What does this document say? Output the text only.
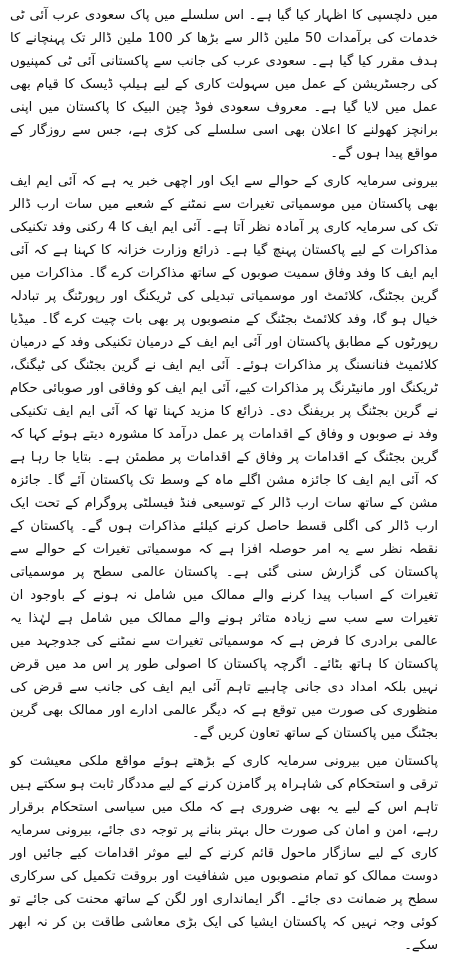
میں دلچسپی کا اظہار کیا گیا ہے۔ اس سلسلے میں پاک سعودی عرب آئی ٹی خدمات کی برآمدات 50 ملین ڈالر سے بڑھا کر 100 ملین ڈالر تک پہنچانے کا ہدف مقرر کیا گیا ہے۔ سعودی عرب کی جانب سے پاکستانی آئی ٹی کمپنیوں کی رجسٹریشن کے عمل میں سہولت کاری کے لیے ہیلپ ڈیسک کا قیام بھی عمل میں لایا گیا ہے۔ معروف سعودی فوڈ چین البیک کا پاکستان میں اپنی برانچز کھولنے کا اعلان بھی اسی سلسلے کی کڑی ہے، جس سے روزگار کے مواقع پیدا ہوں گے۔

بیرونی سرمایہ کاری کے حوالے سے ایک اور اچھی خبر یہ ہے کہ آئی ایم ایف بھی پاکستان میں موسمیاتی تغیرات سے نمٹنے کے شعبے میں سات ارب ڈالر تک کی سرمایہ کاری پر آمادہ نظر آتا ہے۔ آئی ایم ایف کا 4 رکنی وفد تکنیکی مذاکرات کے لیے پاکستان پہنچ گیا ہے۔ ذرائع وزارت خزانہ کا کہنا ہے کہ آئی ایم ایف کا وفد وفاق سمیت صوبوں کے ساتھ مذاکرات کرے گا۔ مذاکرات میں گرین بجٹنگ، کلائمٹ اور موسمیاتی تبدیلی کی ٹریکنگ اور رپورٹنگ پر تبادلہ خیال ہو گا، وفد کلائمٹ بجٹنگ کے منصوبوں پر بھی بات چیت کرے گا۔ میڈیا رپورٹوں کے مطابق پاکستان اور آئی ایم ایف کے درمیان تکنیکی وفد کے درمیان کلائمیٹ فنانسنگ پر مذاکرات ہوئے۔ آئی ایم ایف نے گرین بجٹنگ کی ٹیگنگ، ٹریکنگ اور مانیٹرنگ پر مذاکرات کیے، آئی ایم ایف کو وفاقی اور صوبائی حکام نے گرین بجٹنگ پر بریفنگ دی۔ ذرائع کا مزید کہنا تھا کہ آئی ایم ایف تکنیکی وفد نے صوبوں و وفاق کے اقدامات پر عمل درآمد کا مشورہ دیتے ہوئے کہا کہ گرین بجٹنگ کے اقدامات پر وفاق کے اقدامات پر مطمئن ہے۔ بتایا جا رہا ہے کہ آئی ایم ایف کا جائزہ مشن اگلے ماہ کے وسط تک پاکستان آئے گا۔ جائزہ مشن کے ساتھ سات ارب ڈالر کے توسیعی فنڈ فیسلٹی پروگرام کے تحت ایک ارب ڈالر کی اگلی قسط حاصل کرنے کیلئے مذاکرات ہوں گے۔ پاکستان کے نقطہ نظر سے یہ امر حوصلہ افزا ہے کہ موسمیاتی تغیرات کے حوالے سے پاکستان کی گزارش سنی گئی ہے۔ پاکستان عالمی سطح پر موسمیاتی تغیرات کے اسباب پیدا کرنے والے ممالک میں شامل نہ ہونے کے باوجود ان تغیرات سے سب سے زیادہ متاثر ہونے والے ممالک میں شامل ہے لہٰذا یہ عالمی برادری کا فرض ہے کہ موسمیاتی تغیرات سے نمٹنے کی جدوجہد میں پاکستان کا ہاتھ بٹائے۔ اگرچہ پاکستان کا اصولی طور پر اس مد میں قرض نہیں بلکہ امداد دی جانی چاہیے تاہم آئی ایم ایف کی جانب سے قرض کی منظوری کی صورت میں توقع ہے کہ دیگر عالمی ادارے اور ممالک بھی گرین بجٹنگ میں پاکستان کے ساتھ تعاون کریں گے۔

پاکستان میں بیرونی سرمایہ کاری کے بڑھتے ہوئے مواقع ملکی معیشت کو ترقی و استحکام کی شاہراہ پر گامزن کرنے کے لیے مددگار ثابت ہو سکتے ہیں تاہم اس کے لیے یہ بھی ضروری ہے کہ ملک میں سیاسی استحکام برقرار رہے، امن و امان کی صورت حال بہتر بنانے پر توجہ دی جائے، بیرونی سرمایہ کاری کے لیے سازگار ماحول قائم کرنے کے لیے موثر اقدامات کیے جائیں اور دوست ممالک کو تمام منصوبوں میں شفافیت اور بروقت تکمیل کی سرکاری سطح پر ضمانت دی جائے۔ اگر ایمانداری اور لگن کے ساتھ محنت کی جائے تو کوئی وجہ نہیں کہ پاکستان ایشیا کی ایک بڑی معاشی طاقت بن کر نہ ابھر سکے۔
